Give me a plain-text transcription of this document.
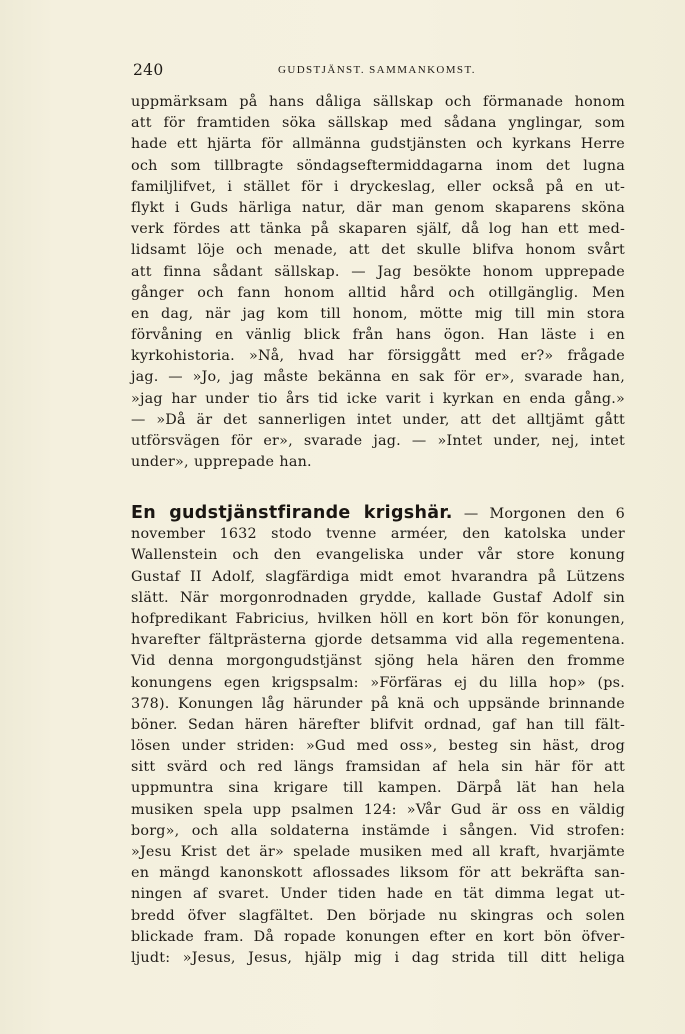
240	GUDSTJÄNST. SAMMANKOMST.
uppmärksam på hans dåliga sällskap och förmanade honom
att för framtiden söka sällskap med sådana ynglingar, som
hade ett hjärta för allmänna gudstjänsten och kyrkans Herre
och som tillbragte söndagseftermiddagarna inom det lugna
familjlifvet, i stället för i dryckeslag, eller också på en ut-
flykt i Guds härliga natur, där man genom skaparens sköna
verk fördes att tänka på skaparen själf, då log han ett med-
lidsamt löje och menade, att det skulle blifva honom svårt
att finna sådant sällskap. — Jag besökte honom upprepade
gånger och fann honom alltid hård och otillgänglig. Men
en dag, när jag kom till honom, mötte mig till min stora
förvåning en vänlig blick från hans ögon. Han läste i en
kyrkohistoria. »Nå, hvad har försiggått med er?» frågade
jag. — »Jo, jag måste bekänna en sak för er», svarade han,
»jag har under tio års tid icke varit i kyrkan en enda gång.»
— »Då är det sannerligen intet under, att det alltjämt gått
utförsvägen för er», svarade jag. — »Intet under, nej, intet
under», upprepade han.
En gudstjänstfirande krigshär. — Morgonen den 6
november 1632 stodo tvenne arméer, den katolska under
Wallenstein och den evangeliska under vår store konung
Gustaf II Adolf, slagfärdiga midt emot hvarandra på Lützens
slätt. När morgonrodnaden grydde, kallade Gustaf Adolf sin
hofpredikant Fabricius, hvilken höll en kort bön för konungen,
hvarefter fältprästerna gjorde detsamma vid alla regementena.
Vid denna morgongudstjänst sjöng hela hären den fromme
konungens egen krigspsalm: »Förfäras ej du lilla hop» (ps.
378). Konungen låg härunder på knä och uppsände brinnande
böner. Sedan hären härefter blifvit ordnad, gaf han till fält-
lösen under striden: »Gud med oss», besteg sin häst, drog
sitt svärd och red längs framsidan af hela sin här för att
uppmuntra sina krigare till kampen. Därpå lät han hela
musiken spela upp psalmen 124: »Vår Gud är oss en väldig
borg», och alla soldaterna instämde i sången. Vid strofen:
»Jesu Krist det är» spelade musiken med all kraft, hvarjämte
en mängd kanonskott aflossades liksom för att bekräfta san-
ningen af svaret. Under tiden hade en tät dimma legat ut-
bredd öfver slagfältet. Den började nu skingras och solen
blickade fram. Då ropade konungen efter en kort bön öfver-
ljudt: »Jesus, Jesus, hjälp mig i dag strida till ditt heliga
